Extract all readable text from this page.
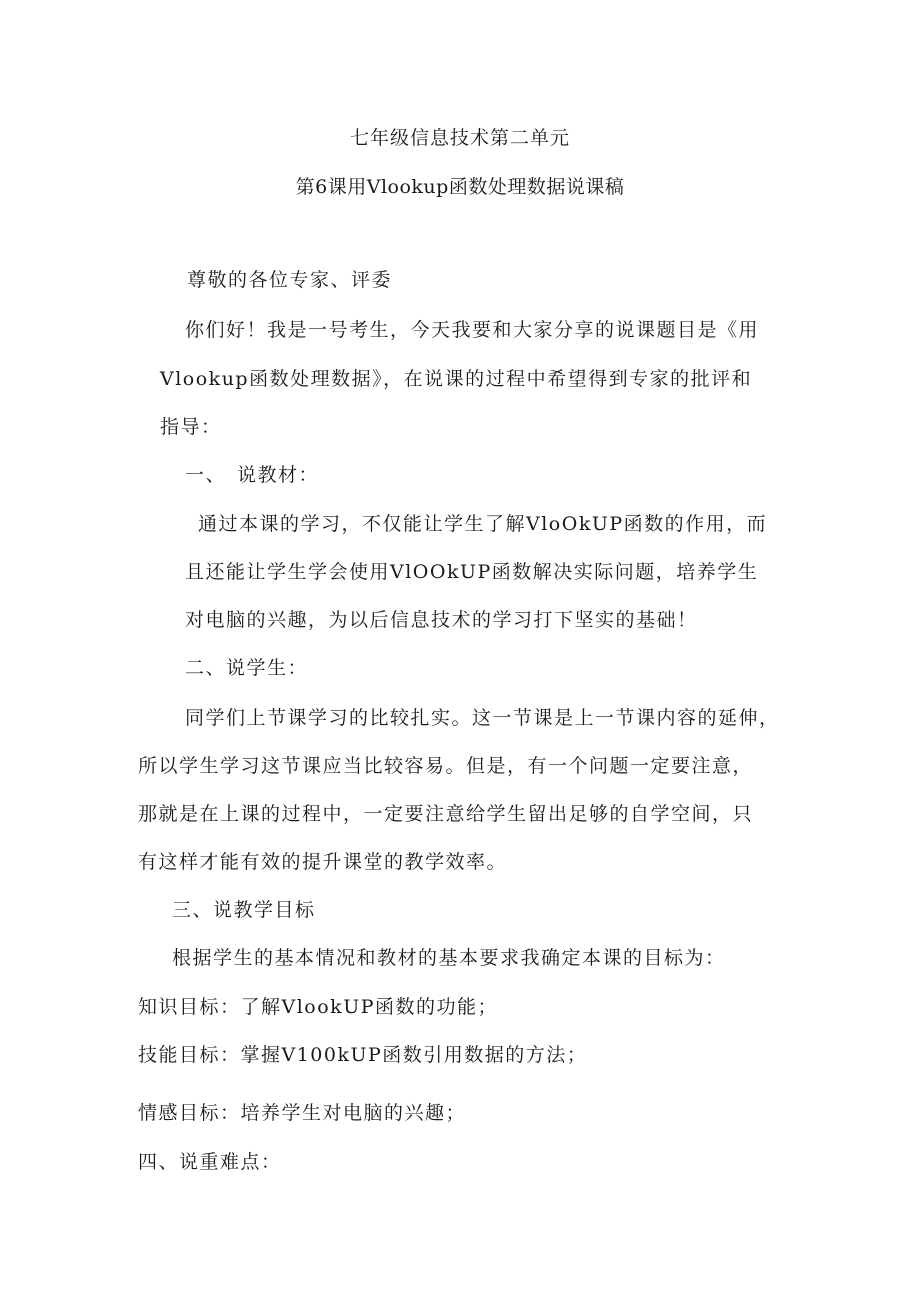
七年级信息技术第二单元
第6课用Vlookup函数处理数据说课稿
尊敬的各位专家、评委
你们好！我是一号考生，今天我要和大家分享的说课题目是《用
Vlookup函数处理数据》，在说课的过程中希望得到专家的批评和
指导：
一、　说教材：
通过本课的学习，不仅能让学生了解VloOkUP函数的作用，而
且还能让学生学会使用VlOOkUP函数解决实际问题，培养学生
对电脑的兴趣，为以后信息技术的学习打下坚实的基础！
二、说学生：
同学们上节课学习的比较扎实。这一节课是上一节课内容的延伸，
所以学生学习这节课应当比较容易。但是，有一个问题一定要注意，
那就是在上课的过程中，一定要注意给学生留出足够的自学空间，只
有这样才能有效的提升课堂的教学效率。
三、说教学目标
根据学生的基本情况和教材的基本要求我确定本课的目标为：
知识目标：了解VlookUP函数的功能；
技能目标：掌握V100kUP函数引用数据的方法；
情感目标：培养学生对电脑的兴趣；
四、说重难点：
